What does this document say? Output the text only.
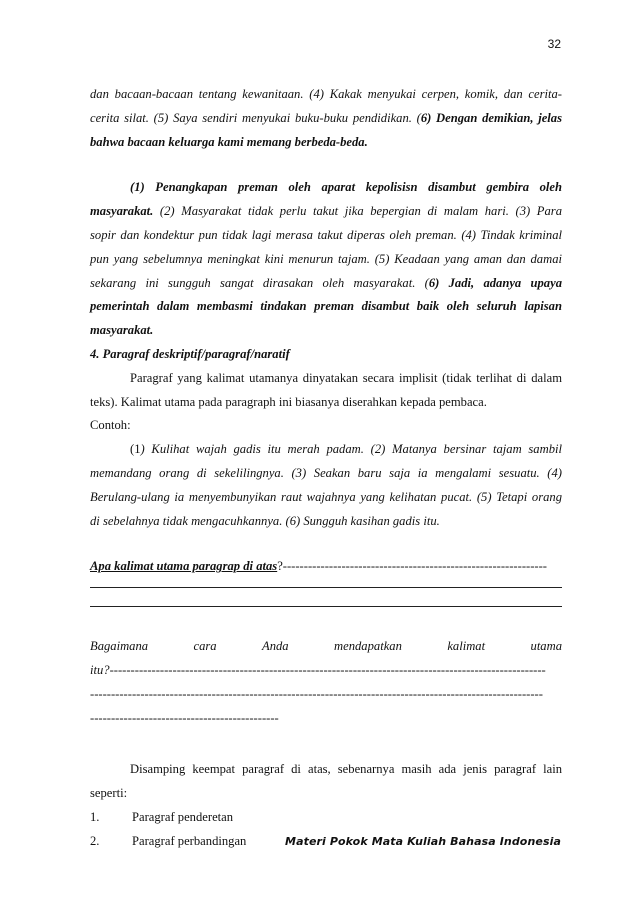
32

dan bacaan-bacaan tentang kewanitaan. (4) Kakak menyukai cerpen, komik, dan cerita-

cerita silat. (5) Saya sendiri menyukai buku-buku pendidikan. (6) Dengan demikian, jelas

bahwa bacaan keluarga kami memang berbeda-beda.

(1) Penangkapan preman oleh aparat kepolisisn disambut gembira oleh

masyarakat. (2) Masyarakat tidak perlu takut jika bepergian di malam hari. (3) Para

sopir dan kondektur pun tidak lagi merasa takut diperas oleh preman. (4) Tindak kriminal

pun yang sebelumnya meningkat kini menurun tajam. (5) Keadaan yang aman dan damai

sekarang ini sungguh sangat dirasakan oleh masyarakat. (6) Jadi, adanya upaya

pemerintah dalam membasmi tindakan preman disambut baik oleh seluruh lapisan

masyarakat.

4. Paragraf deskriptif/paragraf/naratif

Paragraf yang kalimat utamanya dinyatakan secara implisit (tidak terlihat di dalam

teks). Kalimat utama pada paragraph ini biasanya diserahkan kepada pembaca.

Contoh:

(1) Kulihat wajah gadis itu merah padam. (2) Matanya bersinar tajam sambil

memandang orang di sekelilingnya. (3) Seakan baru saja ia mengalami sesuatu. (4)

Berulang-ulang ia menyembunyikan raut wajahnya yang kelihatan pucat. (5) Tetapi orang

di sebelahnya tidak mengacuhkannya. (6) Sungguh kasihan gadis itu.

Apa kalimat utama paragrap di atas?---------------------------------------------------------------

Bagaimana	cara	Anda	mendapatkan	kalimat	utama

itu?--------------------------------------------------------------------------------------------------------

------------------------------------------------------------------------------------------------------------

---------------------------------------------

Disamping keempat paragraf di atas, sebenarnya masih ada jenis paragraf lain

seperti:

1.	Paragraf penderetan
2.	Paragraf perbandingan	Materi Pokok Mata Kuliah Bahasa Indonesia
